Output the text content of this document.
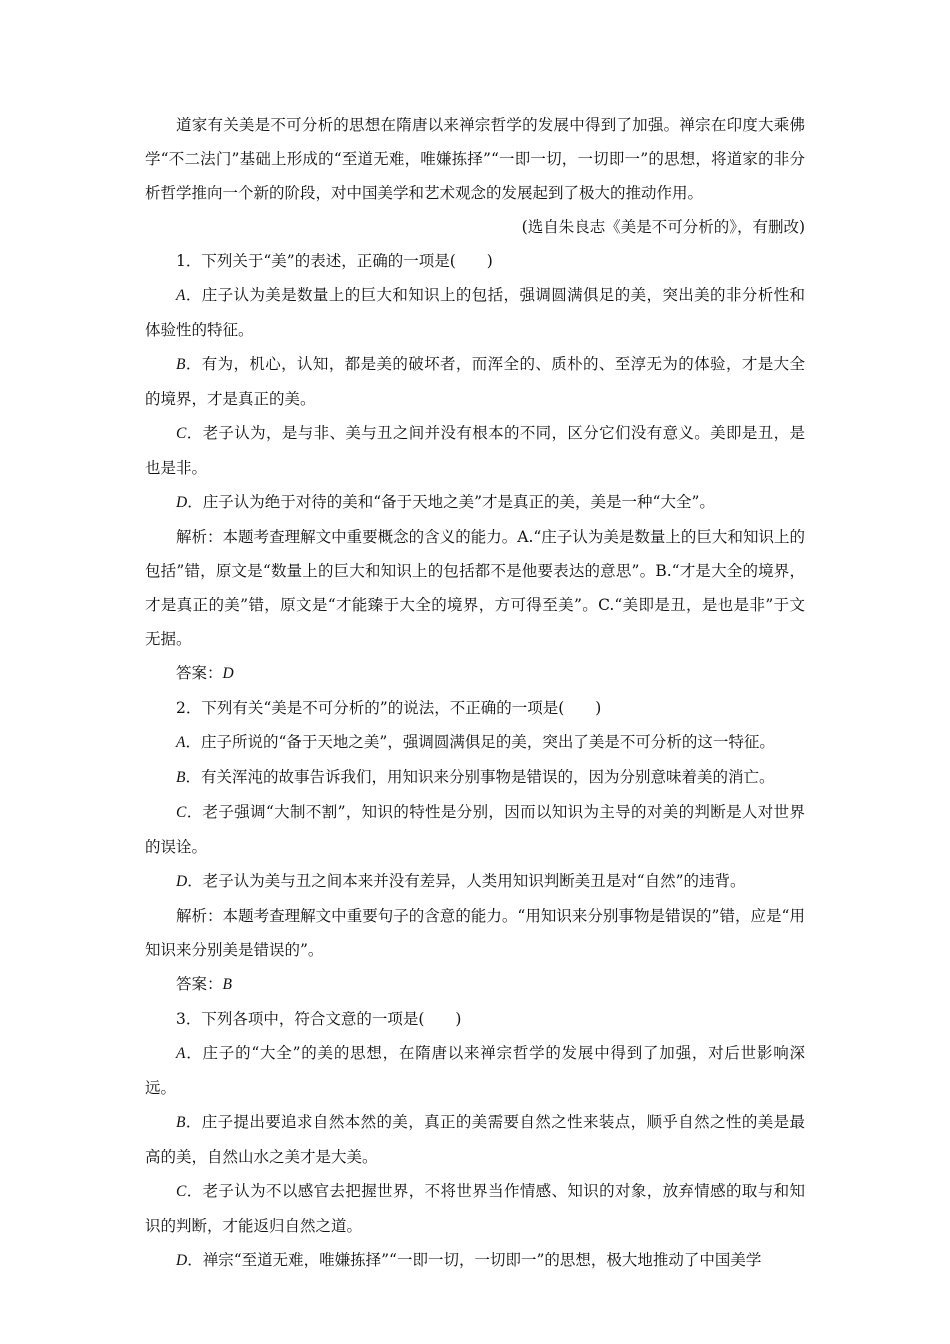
道家有关美是不可分析的思想在隋唐以来禅宗哲学的发展中得到了加强。禅宗在印度大乘佛学“不二法门”基础上形成的“至道无难，唯嫌拣择”“一即一切，一切即一”的思想，将道家的非分析哲学推向一个新的阶段，对中国美学和艺术观念的发展起到了极大的推动作用。

(选自朱良志《美是不可分析的》，有删改)

1．下列关于“美”的表述，正确的一项是(　　)

A．庄子认为美是数量上的巨大和知识上的包括，强调圆满俱足的美，突出美的非分析性和体验性的特征。

B．有为，机心，认知，都是美的破坏者，而浑全的、质朴的、至淳无为的体验，才是大全的境界，才是真正的美。

C．老子认为，是与非、美与丑之间并没有根本的不同，区分它们没有意义。美即是丑，是也是非。

D．庄子认为绝于对待的美和“备于天地之美”才是真正的美，美是一种“大全”。

解析：本题考查理解文中重要概念的含义的能力。A.“庄子认为美是数量上的巨大和知识上的包括”错，原文是“数量上的巨大和知识上的包括都不是他要表达的意思”。B.“才是大全的境界，才是真正的美”错，原文是“才能臻于大全的境界，方可得至美”。C.“美即是丑，是也是非”于文无据。

答案：D

2．下列有关“美是不可分析的”的说法，不正确的一项是(　　)

A．庄子所说的“备于天地之美”，强调圆满俱足的美，突出了美是不可分析的这一特征。

B．有关浑沌的故事告诉我们，用知识来分别事物是错误的，因为分别意味着美的消亡。

C．老子强调“大制不割”，知识的特性是分别，因而以知识为主导的对美的判断是人对世界的误诠。

D．老子认为美与丑之间本来并没有差异，人类用知识判断美丑是对“自然”的违背。

解析：本题考查理解文中重要句子的含意的能力。“用知识来分别事物是错误的”错，应是“用知识来分别美是错误的”。

答案：B

3．下列各项中，符合文意的一项是(　　)

A．庄子的“大全”的美的思想，在隋唐以来禅宗哲学的发展中得到了加强，对后世影响深远。

B．庄子提出要追求自然本然的美，真正的美需要自然之性来装点，顺乎自然之性的美是最高的美，自然山水之美才是大美。

C．老子认为不以感官去把握世界，不将世界当作情感、知识的对象，放弃情感的取与和知识的判断，才能返归自然之道。

D．禅宗“至道无难，唯嫌拣择”“一即一切，一切即一”的思想，极大地推动了中国美学
